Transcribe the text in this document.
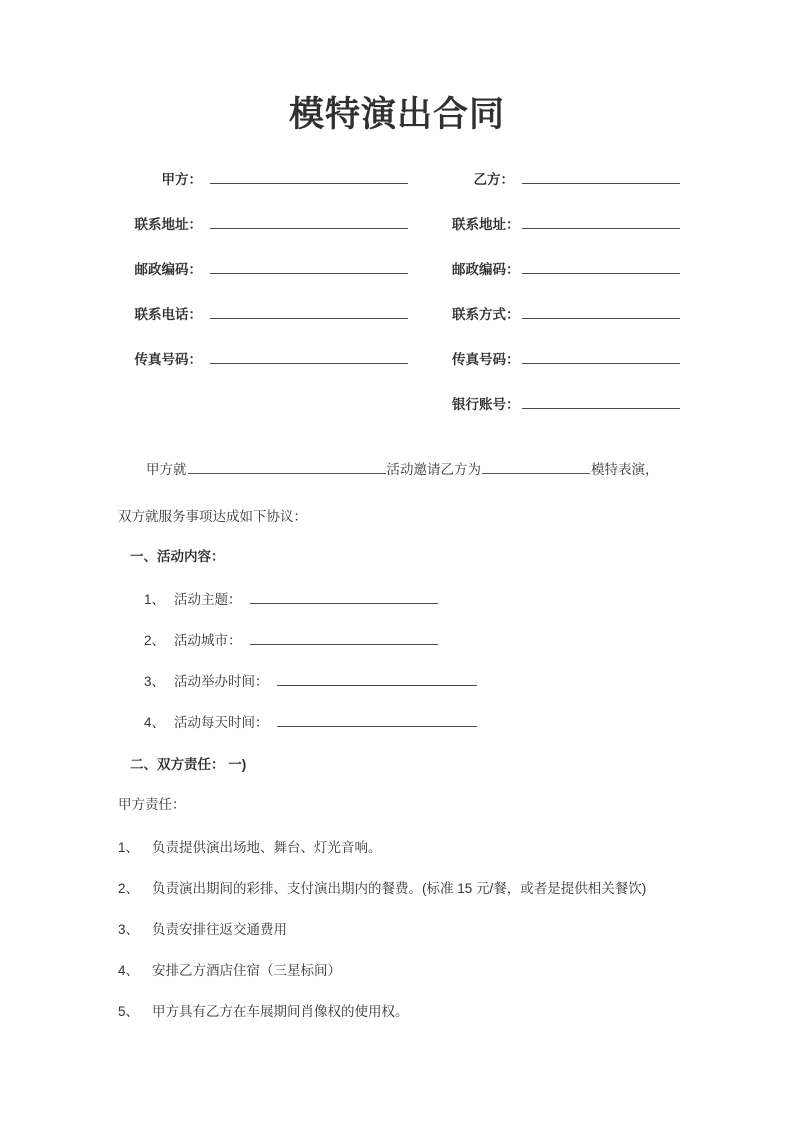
模特演出合同
甲方：
联系地址：
邮政编码：
联系电话：
传真号码：
乙方：
联系地址：
邮政编码：
联系方式：
传真号码：
银行账号：
甲方就	活动邀请乙方为	模特表演，
双方就服务事项达成如下协议：
一、活动内容：
1、 活动主题：
2、 活动城市：
3、 活动举办时间：
4、 活动每天时间：
二、双方责任： 一)
甲方责任：
1、 负责提供演出场地、舞台、灯光音响。
2、 负责演出期间的彩排、支付演出期内的餐费。(标准 15 元/餐，或者是提供相关餐饮)
3、 负责安排往返交通费用
4、 安排乙方酒店住宿（三星标间）
5、 甲方具有乙方在车展期间肖像权的使用权。
